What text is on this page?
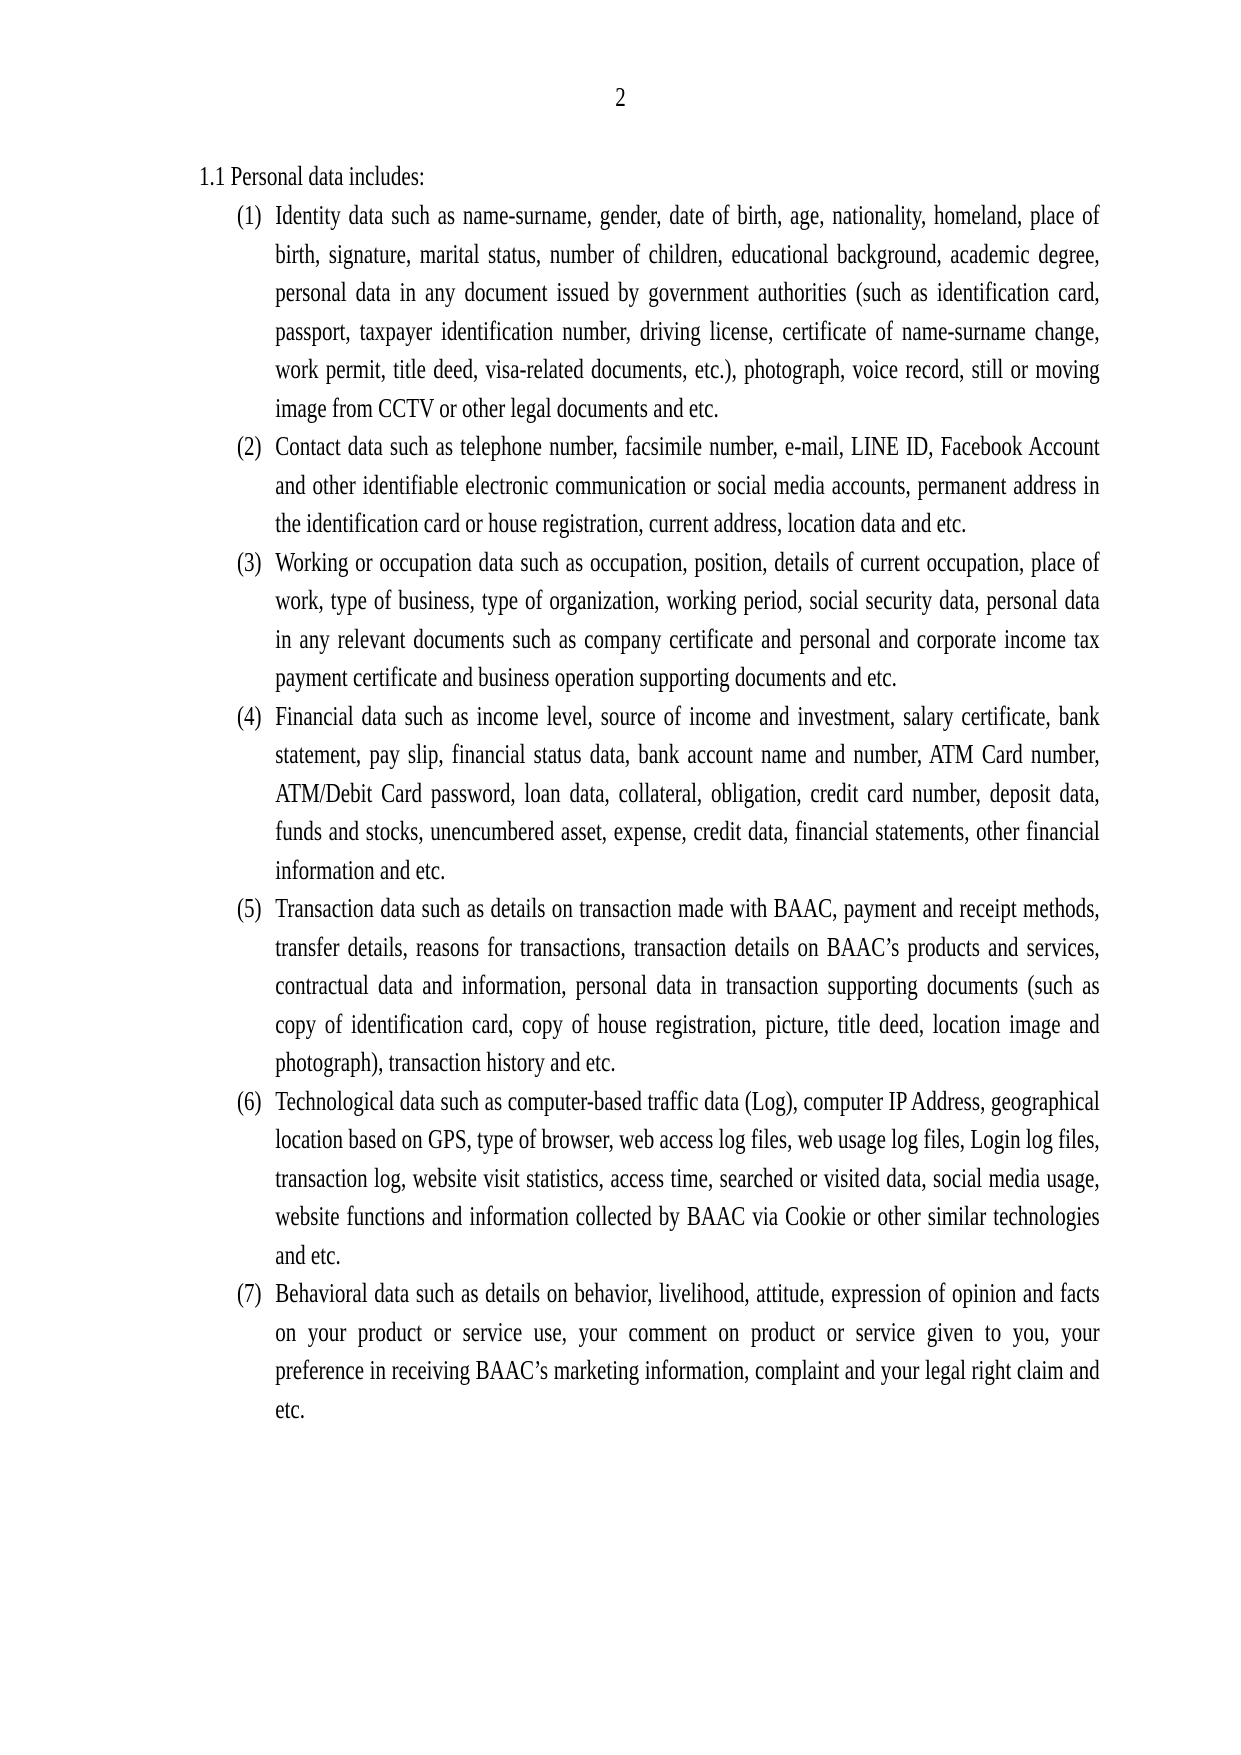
2
1.1 Personal data includes:
(1) Identity data such as name-surname, gender, date of birth, age, nationality, homeland, place of birth, signature, marital status, number of children, educational background, academic degree, personal data in any document issued by government authorities (such as identification card, passport, taxpayer identification number, driving license, certificate of name-surname change, work permit, title deed, visa-related documents, etc.), photograph, voice record, still or moving image from CCTV or other legal documents and etc.
(2) Contact data such as telephone number, facsimile number, e-mail, LINE ID, Facebook Account and other identifiable electronic communication or social media accounts, permanent address in the identification card or house registration, current address, location data and etc.
(3) Working or occupation data such as occupation, position, details of current occupation, place of work, type of business, type of organization, working period, social security data, personal data in any relevant documents such as company certificate and personal and corporate income tax payment certificate and business operation supporting documents and etc.
(4) Financial data such as income level, source of income and investment, salary certificate, bank statement, pay slip, financial status data, bank account name and number, ATM Card number, ATM/Debit Card password, loan data, collateral, obligation, credit card number, deposit data, funds and stocks, unencumbered asset, expense, credit data, financial statements, other financial information and etc.
(5) Transaction data such as details on transaction made with BAAC, payment and receipt methods, transfer details, reasons for transactions, transaction details on BAAC’s products and services, contractual data and information, personal data in transaction supporting documents (such as copy of identification card, copy of house registration, picture, title deed, location image and photograph), transaction history and etc.
(6) Technological data such as computer-based traffic data (Log), computer IP Address, geographical location based on GPS, type of browser, web access log files, web usage log files, Login log files, transaction log, website visit statistics, access time, searched or visited data, social media usage, website functions and information collected by BAAC via Cookie or other similar technologies and etc.
(7) Behavioral data such as details on behavior, livelihood, attitude, expression of opinion and facts on your product or service use, your comment on product or service given to you, your preference in receiving BAAC’s marketing information, complaint and your legal right claim and etc.
